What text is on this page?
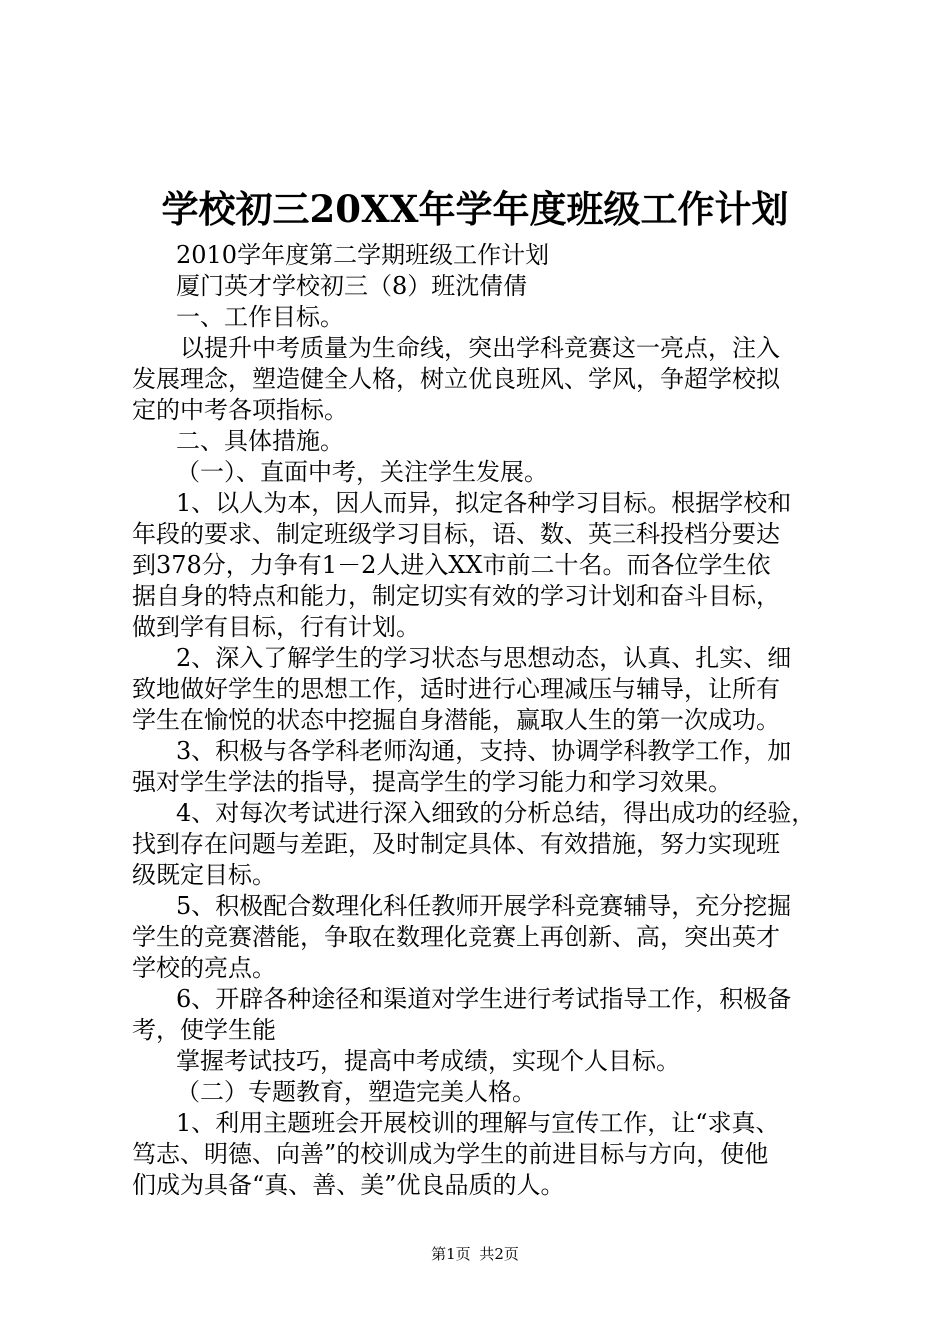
学校初三20XX年学年度班级工作计划
2010学年度第二学期班级工作计划
厦门英才学校初三（8）班沈倩倩
一、工作目标。
以提升中考质量为生命线，突出学科竞赛这一亮点，注入
发展理念，塑造健全人格，树立优良班风、学风，争超学校拟
定的中考各项指标。
二、具体措施。
（一）、直面中考，关注学生发展。
1、以人为本，因人而异，拟定各种学习目标。根据学校和
年段的要求、制定班级学习目标，语、数、英三科投档分要达
到378分，力争有1－2人进入XX市前二十名。而各位学生依
据自身的特点和能力，制定切实有效的学习计划和奋斗目标，
做到学有目标，行有计划。
2、深入了解学生的学习状态与思想动态，认真、扎实、细
致地做好学生的思想工作，适时进行心理减压与辅导，让所有
学生在愉悦的状态中挖掘自身潜能，赢取人生的第一次成功。
3、积极与各学科老师沟通，支持、协调学科教学工作，加
强对学生学法的指导，提高学生的学习能力和学习效果。
4、对每次考试进行深入细致的分析总结，得出成功的经验，
找到存在问题与差距，及时制定具体、有效措施，努力实现班
级既定目标。
5、积极配合数理化科任教师开展学科竞赛辅导，充分挖掘
学生的竞赛潜能，争取在数理化竞赛上再创新、高，突出英才
学校的亮点。
6、开辟各种途径和渠道对学生进行考试指导工作，积极备
考，使学生能
掌握考试技巧，提高中考成绩，实现个人目标。
（二）专题教育，塑造完美人格。
1、利用主题班会开展校训的理解与宣传工作，让“求真、
笃志、明德、向善”的校训成为学生的前进目标与方向，使他
们成为具备“真、善、美”优良品质的人。
第1页 共2页
